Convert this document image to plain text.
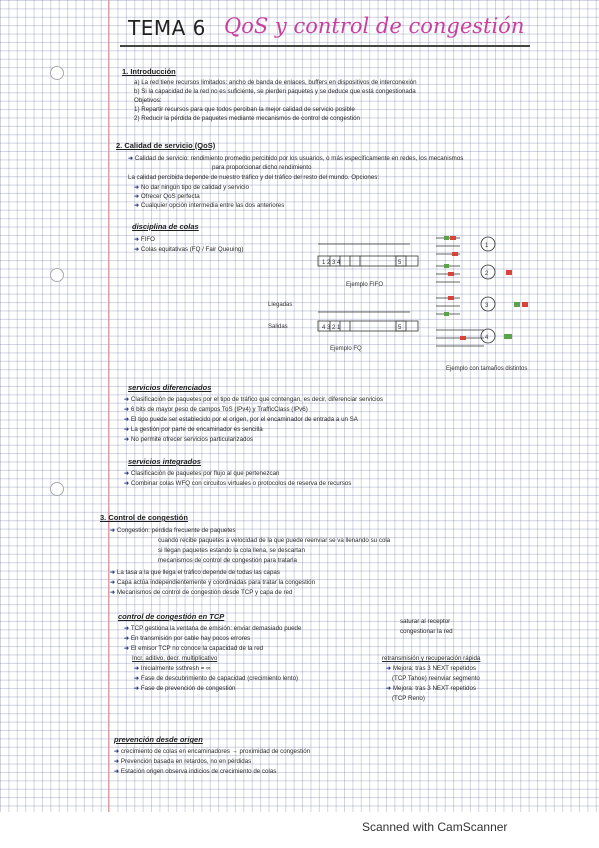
TEMA 6 QoS y control de congestión
1. Introducción
a) La red tiene recursos limitados: ancho de banda de enlaces, buffers en dispositivos de interconexión
b) Si la capacidad de la red no es suficiente, se pierden paquetes y se deduce que está congestionada
Objetivos:
1) Repartir recursos para que todos perciban la mejor calidad de servicio posible
2) Reducir la pérdida de paquetes mediante mecanismos de control de congestión
2. Calidad de servicio (QoS)
➜ Calidad de servicio: rendimiento promedio percibido por los usuarios, o más específicamente en redes, los mecanismos
para proporcionar dicho rendimiento
La calidad percibida depende de nuestro tráfico y del tráfico del resto del mundo. Opciones:
➜ No dar ningún tipo de calidad y servicio
➜ Ofrecer QoS perfecta
➜ Cualquier opción intermedia entre las dos anteriores
disciplina de colas
➜ FIFO
➜ Colas equitativas (FQ / Fair Queuing)
1 2 3 4	5
4 3 2 1	5
Ejemplo FIFO
Ejemplo FQ
Llegadas
Salidas
Ejemplo con tamaños distintos
1
2
3
4
servicios diferenciados
➜ Clasificación de paquetes por el tipo de tráfico que contengan, es decir, diferenciar servicios
➜ 6 bits de mayor peso de campos ToS (IPv4) y TrafficClass (IPv6)
➜ El tipo puede ser establecido por el origen, por el encaminador de entrada a un SA
➜ La gestión por parte de encaminador es sencilla
➜ No permite ofrecer servicios particularizados
servicios integrados
➜ Clasificación de paquetes por flujo al que pertenezcan
➜ Combinar colas WFQ con circuitos virtuales o protocolos de reserva de recursos
3. Control de congestión
➜ Congestión: pérdida frecuente de paquetes
cuando recibe paquetes a velocidad de la que puede reenviar se va llenando su cola
si llegan paquetes estando la cola llena, se descartan
mecanismos de control de congestión para tratarla
➜ La tasa a la que llega el tráfico depende de todas las capas
➜ Capa actúa independientemente y coordinadas para tratar la congestión
➜ Mecanismos de control de congestión desde TCP y capa de red
control de congestión en TCP
➜ TCP gestiona la ventana de emisión: enviar demasiado puede
saturar al receptor
congestionar la red
➜ En transmisión por cable hay pocos errores
➜ El emisor TCP no conoce la capacidad de la red
Incr. aditivo, decr. multiplicativo
➜ Inicialmente ssthresh = ∞
➜ Fase de descubrimiento de capacidad (crecimiento lento)
➜ Fase de prevención de congestión
retransmisión y recuperación rápida
➜ Mejora: tras 3 NEXT repetidos
(TCP Tahoe) reenviar segmento
➜ Mejora: tras 3 NEXT repetidos
(TCP Reno)
prevención desde origen
➜ crecimiento de colas en encaminadores → proximidad de congestión
➜ Prevención basada en retardos, no en pérdidas
➜ Estación origen observa indicios de crecimiento de colas
Scanned with CamScanner
